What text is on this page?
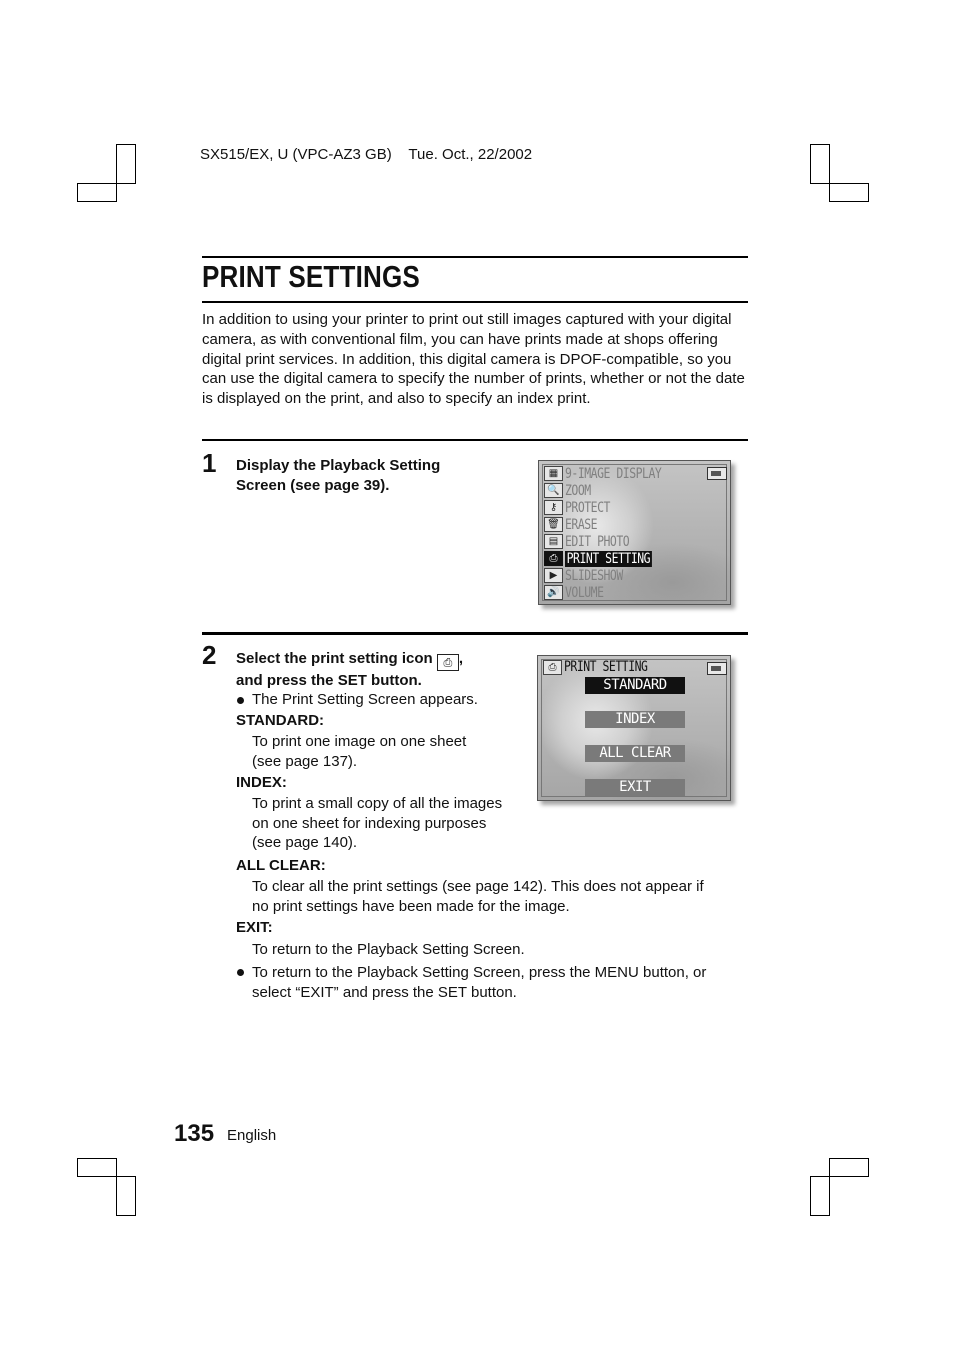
SX515/EX, U (VPC-AZ3 GB) Tue. Oct., 22/2002
PRINT SETTINGS
In addition to using your printer to print out still images captured with your digital camera, as with conventional film, you can have prints made at shops offering digital print services. In addition, this digital camera is DPOF-compatible, so you can use the digital camera to specify the number of prints, whether or not the date is displayed on the print, and also to specify an index print.
1 Display the Playback Setting
Screen (see page 39).
▦ 9-IMAGE DISPLAY
🔍 ZOOM
⚷ PROTECT
🗑 ERASE
▤ EDIT PHOTO
⎙ PRINT SETTING
▶ SLIDESHOW
🔊 VOLUME
2 Select the print setting icon ⎙ ,
and press the SET button.
The Print Setting Screen appears.
STANDARD:
To print one image on one sheet
(see page 137).
INDEX:
To print a small copy of all the images
on one sheet for indexing purposes
(see page 140).
ALL CLEAR:
To clear all the print settings (see page 142). This does not appear if
no print settings have been made for the image.
EXIT:
To return to the Playback Setting Screen.
To return to the Playback Setting Screen, press the MENU button, or
select “EXIT” and press the SET button.
⎙ PRINT SETTING
STANDARD
INDEX
ALL CLEAR
EXIT
135 English
